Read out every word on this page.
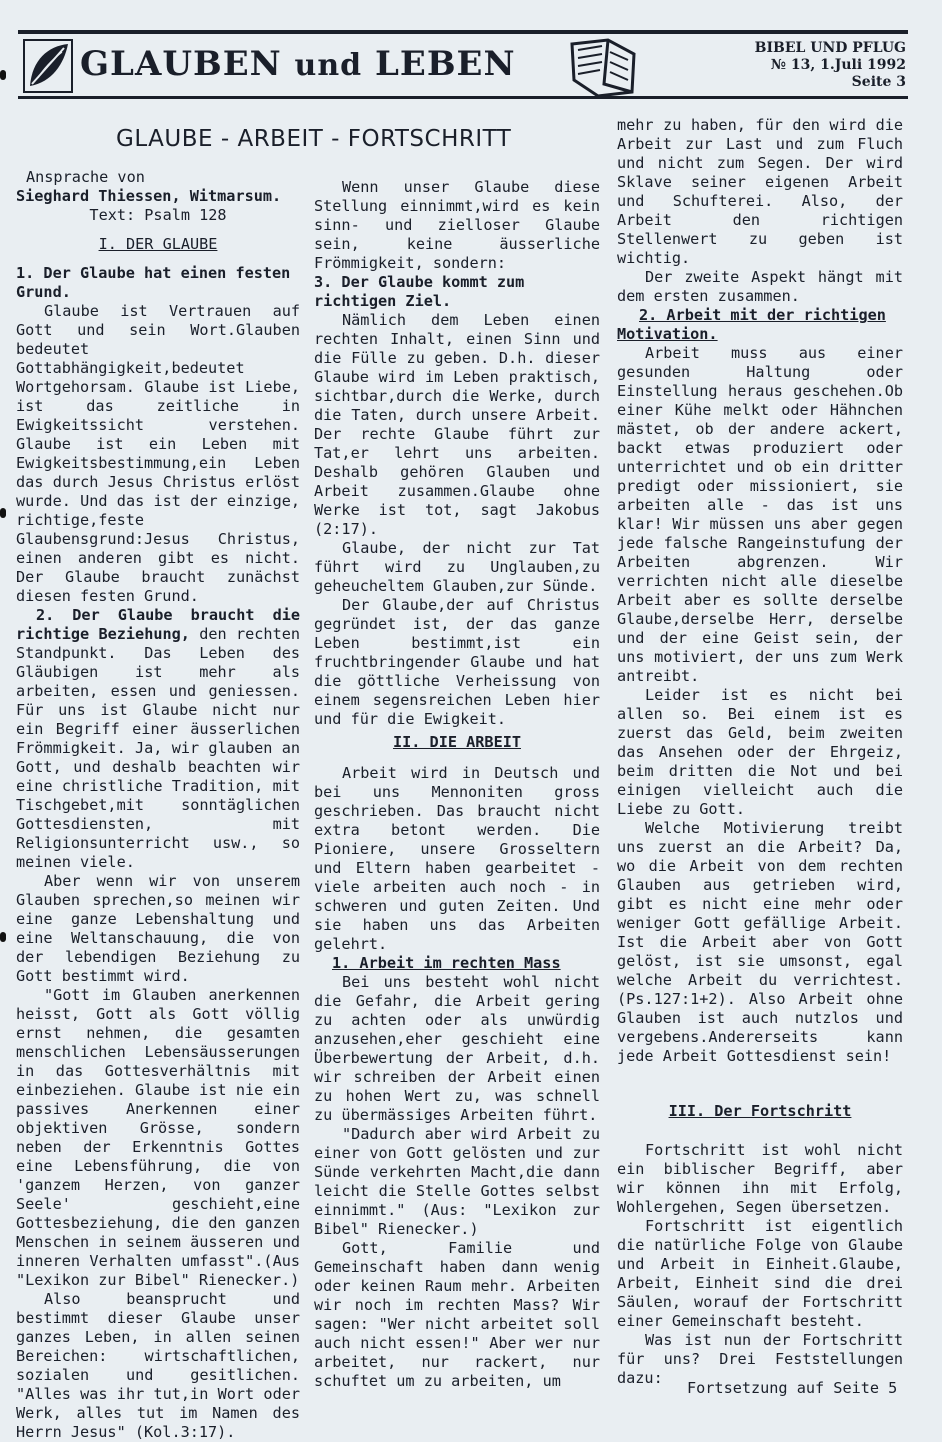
GLAUBEN und LEBEN	BIBEL UND PFLUG
№ 13, 1.Juli 1992
Seite 3
GLAUBE - ARBEIT - FORTSCHRITT
Ansprache von
Sieghard Thiessen, Witmarsum.
Text: Psalm 128
I. DER GLAUBE
1. Der Glaube hat einen festen Grund.

Glaube ist Vertrauen auf Gott und sein Wort.Glauben bedeutet Gottabhängigkeit,bedeutet Wortgehorsam. Glaube ist Liebe, ist das zeitliche in Ewigkeitssicht verstehen. Glaube ist ein Leben mit Ewigkeitsbestimmung,ein Leben das durch Jesus Christus erlöst wurde. Und das ist der einzige, richtige,feste Glaubensgrund:Jesus Christus, einen anderen gibt es nicht. Der Glaube braucht zunächst diesen festen Grund.

2. Der Glaube braucht die richtige Beziehung, den rechten Standpunkt. Das Leben des Gläubigen ist mehr als arbeiten, essen und geniessen. Für uns ist Glaube nicht nur ein Begriff einer äusserlichen Frömmigkeit. Ja, wir glauben an Gott, und deshalb beachten wir eine christliche Tradition, mit Tischgebet,mit sonntäglichen Gottesdiensten, mit Religionsunterricht usw., so meinen viele.

Aber wenn wir von unserem Glauben sprechen,so meinen wir eine ganze Lebenshaltung und eine Weltanschauung, die von der lebendigen Beziehung zu Gott bestimmt wird.

"Gott im Glauben anerkennen heisst, Gott als Gott völlig ernst nehmen, die gesamten menschlichen Lebensäusserungen in das Gottesverhältnis mit einbeziehen. Glaube ist nie ein passives Anerkennen einer objektiven Grösse, sondern neben der Erkenntnis Gottes eine Lebensführung, die von 'ganzem Herzen, von ganzer Seele' geschieht,eine Gottesbeziehung, die den ganzen Menschen in seinem äusseren und inneren Verhalten umfasst".(Aus "Lexikon zur Bibel" Rienecker.)

Also beansprucht und bestimmt dieser Glaube unser ganzes Leben, in allen seinen Bereichen: wirtschaftlichen, sozialen und gesitlichen. "Alles was ihr tut,in Wort oder Werk, alles tut im Namen des Herrn Jesus" (Kol.3:17).

Wenn unser Glaube diese Stellung einnimmt,wird es kein sinn- und zielloser Glaube sein, keine äusserliche Frömmigkeit, sondern:

3. Der Glaube kommt zum richtigen Ziel.

Nämlich dem Leben einen rechten Inhalt, einen Sinn und die Fülle zu geben. D.h. dieser Glaube wird im Leben praktisch, sichtbar,durch die Werke, durch die Taten, durch unsere Arbeit. Der rechte Glaube führt zur Tat,er lehrt uns arbeiten. Deshalb gehören Glauben und Arbeit zusammen.Glaube ohne Werke ist tot, sagt Jakobus (2:17).

Glaube, der nicht zur Tat führt wird zu Unglauben,zu geheucheltem Glauben,zur Sünde.

Der Glaube,der auf Christus gegründet ist, der das ganze Leben bestimmt,ist ein fruchtbringender Glaube und hat die göttliche Verheissung von einem segensreichen Leben hier und für die Ewigkeit.

II. DIE ARBEIT

Arbeit wird in Deutsch und bei uns Mennoniten gross geschrieben. Das braucht nicht extra betont werden. Die Pioniere, unsere Grosseltern und Eltern haben gearbeitet - viele arbeiten auch noch - in schweren und guten Zeiten. Und sie haben uns das Arbeiten gelehrt.

1. Arbeit im rechten Mass

Bei uns besteht wohl nicht die Gefahr, die Arbeit gering zu achten oder als unwürdig anzusehen,eher geschieht eine Überbewertung der Arbeit, d.h. wir schreiben der Arbeit einen zu hohen Wert zu, was schnell zu übermässiges Arbeiten führt.

"Dadurch aber wird Arbeit zu einer von Gott gelösten und zur Sünde verkehrten Macht,die dann leicht die Stelle Gottes selbst einnimmt." (Aus: "Lexikon zur Bibel" Rienecker.)

Gott, Familie und Gemeinschaft haben dann wenig oder keinen Raum mehr. Arbeiten wir noch im rechten Mass? Wir sagen: "Wer nicht arbeitet soll auch nicht essen!" Aber wer nur arbeitet, nur rackert, nur schuftet um zu arbeiten, um

mehr zu haben, für den wird die Arbeit zur Last und zum Fluch und nicht zum Segen. Der wird Sklave seiner eigenen Arbeit und Schufterei. Also, der Arbeit den richtigen Stellenwert zu geben ist wichtig.

Der zweite Aspekt hängt mit dem ersten zusammen.

2. Arbeit mit der richtigen Motivation.

Arbeit muss aus einer gesunden Haltung oder Einstellung heraus geschehen.Ob einer Kühe melkt oder Hähnchen mästet, ob der andere ackert, backt etwas produziert oder unterrichtet und ob ein dritter predigt oder missioniert, sie arbeiten alle - das ist uns klar! Wir müssen uns aber gegen jede falsche Rangeinstufung der Arbeiten abgrenzen. Wir verrichten nicht alle dieselbe Arbeit aber es sollte derselbe Glaube,derselbe Herr, derselbe und der eine Geist sein, der uns motiviert, der uns zum Werk antreibt.

Leider ist es nicht bei allen so. Bei einem ist es zuerst das Geld, beim zweiten das Ansehen oder der Ehrgeiz, beim dritten die Not und bei einigen vielleicht auch die Liebe zu Gott.

Welche Motivierung treibt uns zuerst an die Arbeit? Da, wo die Arbeit von dem rechten Glauben aus getrieben wird, gibt es nicht eine mehr oder weniger Gott gefällige Arbeit. Ist die Arbeit aber von Gott gelöst, ist sie umsonst, egal welche Arbeit du verrichtest. (Ps.127:1+2). Also Arbeit ohne Glauben ist auch nutzlos und vergebens.Andererseits kann jede Arbeit Gottesdienst sein!

III. Der Fortschritt

Fortschritt ist wohl nicht ein biblischer Begriff, aber wir können ihn mit Erfolg, Wohlergehen, Segen übersetzen.

Fortschritt ist eigentlich die natürliche Folge von Glaube und Arbeit in Einheit.Glaube, Arbeit, Einheit sind die drei Säulen, worauf der Fortschritt einer Gemeinschaft besteht.

Was ist nun der Fortschritt für uns? Drei Feststellungen dazu:

Fortsetzung auf Seite 5
